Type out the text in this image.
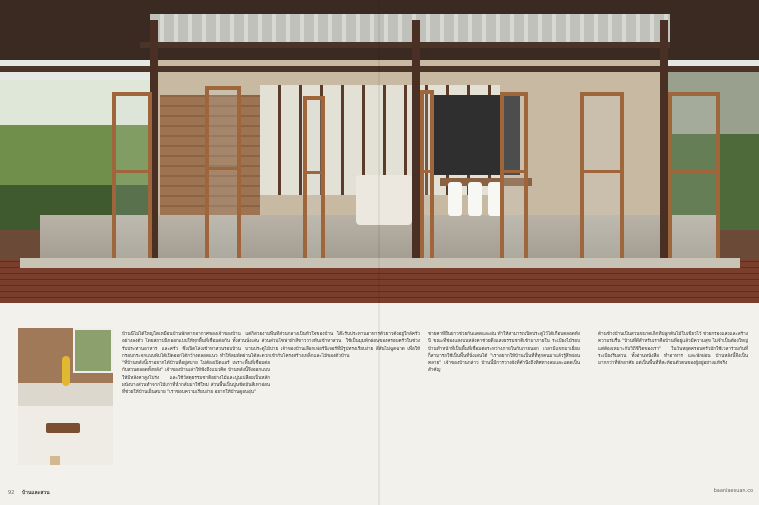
บ้านนี้ไม่ได้ใหญ่โตเหมือนบ้านพักตากอากาศของเจ้าของบ้าน แต่ก็สวยงามอย่างลงตัว โดยสถาปนิกออกแบบให้ทุกพื้นที่เชื่อมต่อกัน ทั้งส่วนนั่งเล่น ส่วนรับประทานอาหาร และครัว ซึ่งเปิดโล่งเข้าหาสวนรอบบ้าน บานประตูไม้กรอบกระจกแบบพับได้เปิดออกได้กว้างตลอดแนว ทำให้ลมพัดผ่านได้สะดวก "ที่บ้านหลังนี้เราอยากได้บ้านที่อยู่สบาย ไม่ต้องเปิดแอร์ เพราะพื้นที่เชื่อมต่อกับสวนตลอดทั้งหลัง" เจ้าของบ้านเล่าให้ฟังถึงแนวคิด บ้านหลังนี้จึงออกแบบให้มีหลังคาสูงโปร่ง และใช้วัสดุธรรมชาติอย่างไม้และปูนเปลือยเป็นหลัก ผนังบางส่วนทำจากไม้เก่าที่นำกลับมาใช้ใหม่ ส่วนพื้นเป็นปูนขัดมันสีเทาอ่อนที่ช่วยให้บ้านเย็นสบาย "เราชอบความเรียบง่าย อยากให้บ้านดูอบอุ่น"

พื้นที่ส่วนกลางเป็นหัวใจของบ้าน โต๊ะรับประทานอาหารตัวยาวตั้งอยู่ใกล้ครัว ส่วนโซฟาผ้าสีขาววางหันเข้าหาสวน ใช้เป็นมุมพักผ่อนของครอบครัวในช่วงบ่าย เจ้าของบ้านเลือกเฟอร์นิเจอร์ที่มีรูปทรงเรียบง่าย สีสันไม่ฉูดฉาด เพื่อให้เข้ากับโครงสร้างเหล็กและไม้ของตัวบ้าน

ชายคาที่ยื่นยาวช่วยกันแดดและฝน ทำให้สามารถเปิดประตูไว้ได้เกือบตลอดทั้งปี ขณะที่ช่องแสงบนหลังคาช่วยดึงแสงธรรมชาติเข้ามาภายใน ระเบียงไม้รอบบ้านทำหน้าที่เป็นพื้นที่เชื่อมต่อระหว่างภายในกับภายนอก เวลามีแขกมาเยี่ยมก็สามารถใช้เป็นพื้นที่นั่งเล่นได้ "เราอยากให้บ้านเป็นที่ที่ทุกคนมาแล้วรู้สึกผ่อนคลาย" เจ้าของบ้านกล่าว บ้านนี้มีการวางผังที่คำนึงถึงทิศทางลมและแดดเป็นสำคัญ

ด้านข้างบ้านเป็นสวนขนาดเล็กที่ปลูกต้นไม้ใบเขียวไว้ ช่วยกรองแสงและสร้างความร่มรื่น "บ้านที่ดีสำหรับเราคือบ้านที่อยู่แล้วมีความสุข ไม่จำเป็นต้องใหญ่ แต่ต้องเหมาะกับวิถีชีวิตของเรา" ในวันหยุดครอบครัวมักใช้เวลาร่วมกันที่ระเบียงริมสวน ทั้งอ่านหนังสือ ทำอาหาร และพักผ่อน บ้านหลังนี้จึงเป็นมากกว่าที่พักอาศัย แต่เป็นพื้นที่ที่สะท้อนตัวตนของผู้อยู่อย่างแท้จริง

92 บ้านและสวน	baanlaesuan.co
